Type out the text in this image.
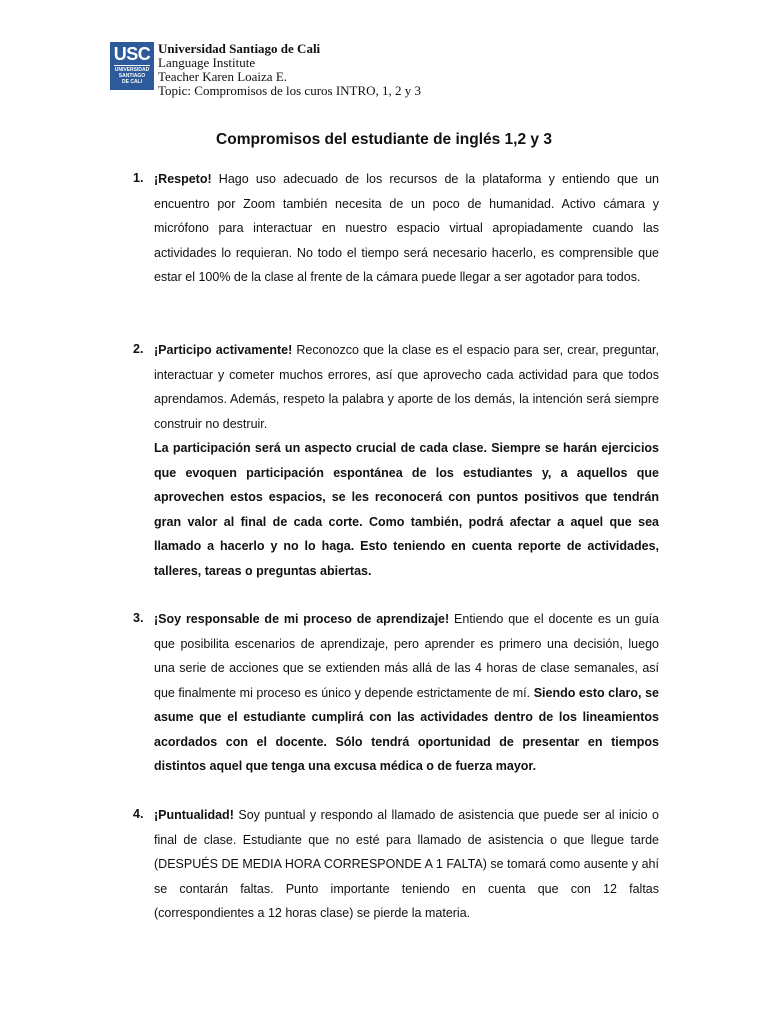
USC
UNIVERSIDAD
SANTIAGO
DE CALI
Universidad Santiago de Cali
Language Institute
Teacher Karen Loaiza E.
Topic: Compromisos de los curos INTRO, 1, 2 y 3
Compromisos del estudiante de inglés 1,2 y 3
1. ¡Respeto! Hago uso adecuado de los recursos de la plataforma y entiendo que un encuentro por Zoom también necesita de un poco de humanidad. Activo cámara y micrófono para interactuar en nuestro espacio virtual apropiadamente cuando las actividades lo requieran. No todo el tiempo será necesario hacerlo, es comprensible que estar el 100% de la clase al frente de la cámara puede llegar a ser agotador para todos.
2. ¡Participo activamente! Reconozco que la clase es el espacio para ser, crear, preguntar, interactuar y cometer muchos errores, así que aprovecho cada actividad para que todos aprendamos. Además, respeto la palabra y aporte de los demás, la intención será siempre construir no destruir.

La participación será un aspecto crucial de cada clase. Siempre se harán ejercicios que evoquen participación espontánea de los estudiantes y, a aquellos que aprovechen estos espacios, se les reconocerá con puntos positivos que tendrán gran valor al final de cada corte. Como también, podrá afectar a aquel que sea llamado a hacerlo y no lo haga. Esto teniendo en cuenta reporte de actividades, talleres, tareas o preguntas abiertas.

3. ¡Soy responsable de mi proceso de aprendizaje! Entiendo que el docente es un guía que posibilita escenarios de aprendizaje, pero aprender es primero una decisión, luego una serie de acciones que se extienden más allá de las 4 horas de clase semanales, así que finalmente mi proceso es único y depende estrictamente de mí. Siendo esto claro, se asume que el estudiante cumplirá con las actividades dentro de los lineamientos acordados con el docente. Sólo tendrá oportunidad de presentar en tiempos distintos aquel que tenga una excusa médica o de fuerza mayor.
4. ¡Puntualidad! Soy puntual y respondo al llamado de asistencia que puede ser al inicio o final de clase. Estudiante que no esté para llamado de asistencia o que llegue tarde (DESPUÉS DE MEDIA HORA CORRESPONDE A 1 FALTA) se tomará como ausente y ahí se contarán faltas. Punto importante teniendo en cuenta que con 12 faltas (correspondientes a 12 horas clase) se pierde la materia.
